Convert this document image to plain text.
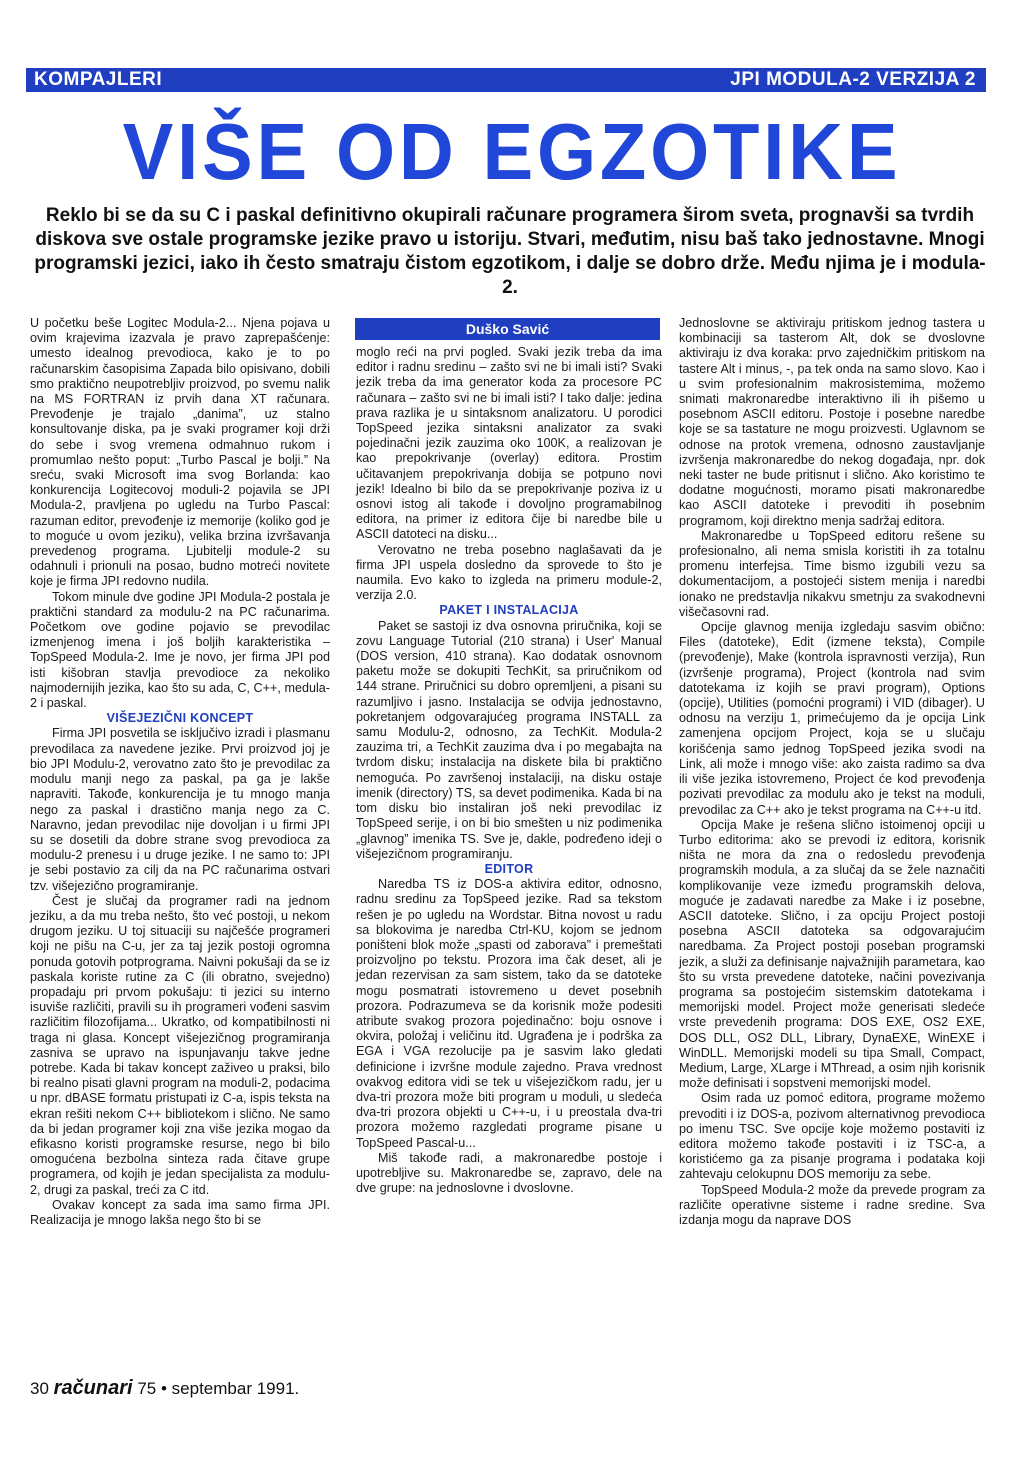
KOMPAJLERI	JPI MODULA-2 VERZIJA 2
VIŠE OD EGZOTIKE
Reklo bi se da su C i paskal definitivno okupirali računare programera širom sveta, prognavši sa tvrdih diskova sve ostale programske jezike pravo u istoriju. Stvari, međutim, nisu baš tako jednostavne. Mnogi programski jezici, iako ih često smatraju čistom egzotikom, i dalje se dobro drže. Među njima je i modula-2.

U početku beše Logitec Modula-2... Njena pojava u ovim krajevima izazvala je pravo zaprepašćenje: umesto idealnog prevodioca, kako je to po računarskim časopisima Zapada bilo opisivano, dobili smo praktično neupotrebljiv proizvod, po svemu nalik na MS FORTRAN iz prvih dana XT računara. Prevođenje je trajalo „danima”, uz stalno konsultovanje diska, pa je svaki programer koji drži do sebe i svog vremena odmahnuo rukom i promumlao nešto poput: „Turbo Pascal je bolji.” Na sreću, svaki Microsoft ima svog Borlanda: kao konkurencija Logitecovoj moduli-2 pojavila se JPI Modula-2, pravljena po ugledu na Turbo Pascal: razuman editor, prevođenje iz memorije (koliko god je to moguće u ovom jeziku), velika brzina izvršavanja prevedenog programa. Ljubitelji module-2 su odahnuli i prionuli na posao, budno motreći novitete koje je firma JPI redovno nudila.

Tokom minule dve godine JPI Modula-2 postala je praktični standard za modulu-2 na PC računarima. Početkom ove godine pojavio se prevodilac izmenjenog imena i još boljih karakteristika – TopSpeed Modula-2. Ime je novo, jer firma JPI pod isti kišobran stavlja prevodioce za nekoliko najmodernijih jezika, kao što su ada, C, C++, medula-2 i paskal.

VIŠEJEZIČNI KONCEPT

Firma JPI posvetila se isključivo izradi i plasmanu prevodilaca za navedene jezike. Prvi proizvod joj je bio JPI Modulu-2, verovatno zato što je prevodilac za modulu manji nego za paskal, pa ga je lakše napraviti. Takođe, konkurencija je tu mnogo manja nego za paskal i drastično manja nego za C. Naravno, jedan prevodilac nije dovoljan i u firmi JPI su se dosetili da dobre strane svog prevodioca za modulu-2 prenesu i u druge jezike. I ne samo to: JPI je sebi postavio za cilj da na PC računarima ostvari tzv. višejezično programiranje.

Čest je slučaj da programer radi na jednom jeziku, a da mu treba nešto, što već postoji, u nekom drugom jeziku. U toj situaciji su najčešće programeri koji ne pišu na C-u, jer za taj jezik postoji ogromna ponuda gotovih potprograma. Naivni pokušaji da se iz paskala koriste rutine za C (ili obratno, svejedno) propadaju pri prvom pokušaju: ti jezici su interno isuviše različiti, pravili su ih programeri vođeni sasvim različitim filozofijama... Ukratko, od kompatibilnosti ni traga ni glasa. Koncept višejezičnog programiranja zasniva se upravo na ispunjavanju takve jedne potrebe. Kada bi takav koncept zaživeo u praksi, bilo bi realno pisati glavni program na moduli-2, podacima u npr. dBASE formatu pristupati iz C-a, ispis teksta na ekran rešiti nekom C++ bibliotekom i slično. Ne samo da bi jedan programer koji zna više jezika mogao da efikasno koristi programske resurse, nego bi bilo omogućena bezbolna sinteza rada čitave grupe programera, od kojih je jedan specijalista za modulu-2, drugi za paskal, treći za C itd.

Ovakav koncept za sada ima samo firma JPI. Realizacija je mnogo lakša nego što bi se

Duško Savić

moglo reći na prvi pogled. Svaki jezik treba da ima editor i radnu sredinu – zašto svi ne bi imali isti? Svaki jezik treba da ima generator koda za procesore PC računara – zašto svi ne bi imali isti? I tako dalje: jedina prava razlika je u sintaksnom analizatoru. U porodici TopSpeed jezika sintaksni analizator za svaki pojedinačni jezik zauzima oko 100K, a realizovan je kao prepokrivanje (overlay) editora. Prostim učitavanjem prepokrivanja dobija se potpuno novi jezik! Idealno bi bilo da se prepokrivanje poziva iz u osnovi istog ali takođe i dovoljno programabilnog editora, na primer iz editora čije bi naredbe bile u ASCII datoteci na disku...

Verovatno ne treba posebno naglašavati da je firma JPI uspela dosledno da sprovede to što je naumila. Evo kako to izgleda na primeru module-2, verzija 2.0.

PAKET I INSTALACIJA

Paket se sastoji iz dva osnovna priručnika, koji se zovu Language Tutorial (210 strana) i User' Manual (DOS version, 410 strana). Kao dodatak osnovnom paketu može se dokupiti TechKit, sa priručnikom od 144 strane. Priručnici su dobro opremljeni, a pisani su razumljivo i jasno. Instalacija se odvija jednostavno, pokretanjem odgovarajućeg programa INSTALL za samu Modulu-2, odnosno, za TechKit. Modula-2 zauzima tri, a TechKit zauzima dva i po megabajta na tvrdom disku; instalacija na diskete bila bi praktično nemoguća. Po završenoj instalaciji, na disku ostaje imenik (directory) TS, sa devet podimenika. Kada bi na tom disku bio instaliran još neki prevodilac iz TopSpeed serije, i on bi bio smešten u niz podimenika „glavnog” imenika TS. Sve je, dakle, podređeno ideji o višejezičnom programiranju.

EDITOR

Naredba TS iz DOS-a aktivira editor, odnosno, radnu sredinu za TopSpeed jezike. Rad sa tekstom rešen je po ugledu na Wordstar. Bitna novost u radu sa blokovima je naredba Ctrl-KU, kojom se jednom poništeni blok može „spasti od zaborava” i premeštati proizvoljno po tekstu. Prozora ima čak deset, ali je jedan rezervisan za sam sistem, tako da se datoteke mogu posmatrati istovremeno u devet posebnih prozora. Podrazumeva se da korisnik može podesiti atribute svakog prozora pojedinačno: boju osnove i okvira, položaj i veličinu itd. Ugrađena je i podrška za EGA i VGA rezolucije pa je sasvim lako gledati definicione i izvršne module zajedno. Prava vrednost ovakvog editora vidi se tek u višejezičkom radu, jer u dva-tri prozora može biti program u moduli, u sledeća dva-tri prozora objekti u C++-u, i u preostala dva-tri prozora možemo razgledati programe pisane u TopSpeed Pascal-u...

Miš takođe radi, a makronaredbe postoje i upotrebljive su. Makronaredbe se, zapravo, dele na dve grupe: na jednoslovne i dvoslovne.

Jednoslovne se aktiviraju pritiskom jednog tastera u kombinaciji sa tasterom Alt, dok se dvoslovne aktiviraju iz dva koraka: prvo zajedničkim pritiskom na tastere Alt i minus, -, pa tek onda na samo slovo. Kao i u svim profesionalnim makrosistemima, možemo snimati makronaredbe interaktivno ili ih pišemo u posebnom ASCII editoru. Postoje i posebne naredbe koje se sa tastature ne mogu proizvesti. Uglavnom se odnose na protok vremena, odnosno zaustavljanje izvršenja makronaredbe do nekog događaja, npr. dok neki taster ne bude pritisnut i slično. Ako koristimo te dodatne mogućnosti, moramo pisati makronaredbe kao ASCII datoteke i prevoditi ih posebnim programom, koji direktno menja sadržaj editora.

Makronaredbe u TopSpeed editoru rešene su profesionalno, ali nema smisla koristiti ih za totalnu promenu interfejsa. Time bismo izgubili vezu sa dokumentacijom, a postojeći sistem menija i naredbi ionako ne predstavlja nikakvu smetnju za svakodnevni višečasovni rad.

Opcije glavnog menija izgledaju sasvim obično: Files (datoteke), Edit (izmene teksta), Compile (prevođenje), Make (kontrola ispravnosti verzija), Run (izvršenje programa), Project (kontrola nad svim datotekama iz kojih se pravi program), Options (opcije), Utilities (pomoćni programi) i VID (dibager). U odnosu na verziju 1, primećujemo da je opcija Link zamenjena opcijom Project, koja se u slučaju korišćenja samo jednog TopSpeed jezika svodi na Link, ali može i mnogo više: ako zaista radimo sa dva ili više jezika istovremeno, Project će kod prevođenja pozivati prevodilac za modulu ako je tekst na moduli, prevodilac za C++ ako je tekst programa na C++-u itd.

Opcija Make je rešena slično istoimenoj opciji u Turbo editorima: ako se prevodi iz editora, korisnik ništa ne mora da zna o redosledu prevođenja programskih modula, a za slučaj da se žele naznačiti komplikovanije veze između programskih delova, moguće je zadavati naredbe za Make i iz posebne, ASCII datoteke. Slično, i za opciju Project postoji posebna ASCII datoteka sa odgovarajućim naredbama. Za Project postoji poseban programski jezik, a služi za definisanje najvažnijih parametara, kao što su vrsta prevedene datoteke, načini povezivanja programa sa postojećim sistemskim datotekama i memorijski model. Project može generisati sledeće vrste prevedenih programa: DOS EXE, OS2 EXE, DOS DLL, OS2 DLL, Library, DynaEXE, WinEXE i WinDLL. Memorijski modeli su tipa Small, Compact, Medium, Large, XLarge i MThread, a osim njih korisnik može definisati i sopstveni memorijski model.

Osim rada uz pomoć editora, programe možemo prevoditi i iz DOS-a, pozivom alternativnog prevodioca po imenu TSC. Sve opcije koje možemo postaviti iz editora možemo takođe postaviti i iz TSC-a, a koristićemo ga za pisanje programa i podataka koji zahtevaju celokupnu DOS memoriju za sebe.

TopSpeed Modula-2 može da prevede program za različite operativne sisteme i radne sredine. Sva izdanja mogu da naprave DOS

30 računari 75 • septembar 1991.
